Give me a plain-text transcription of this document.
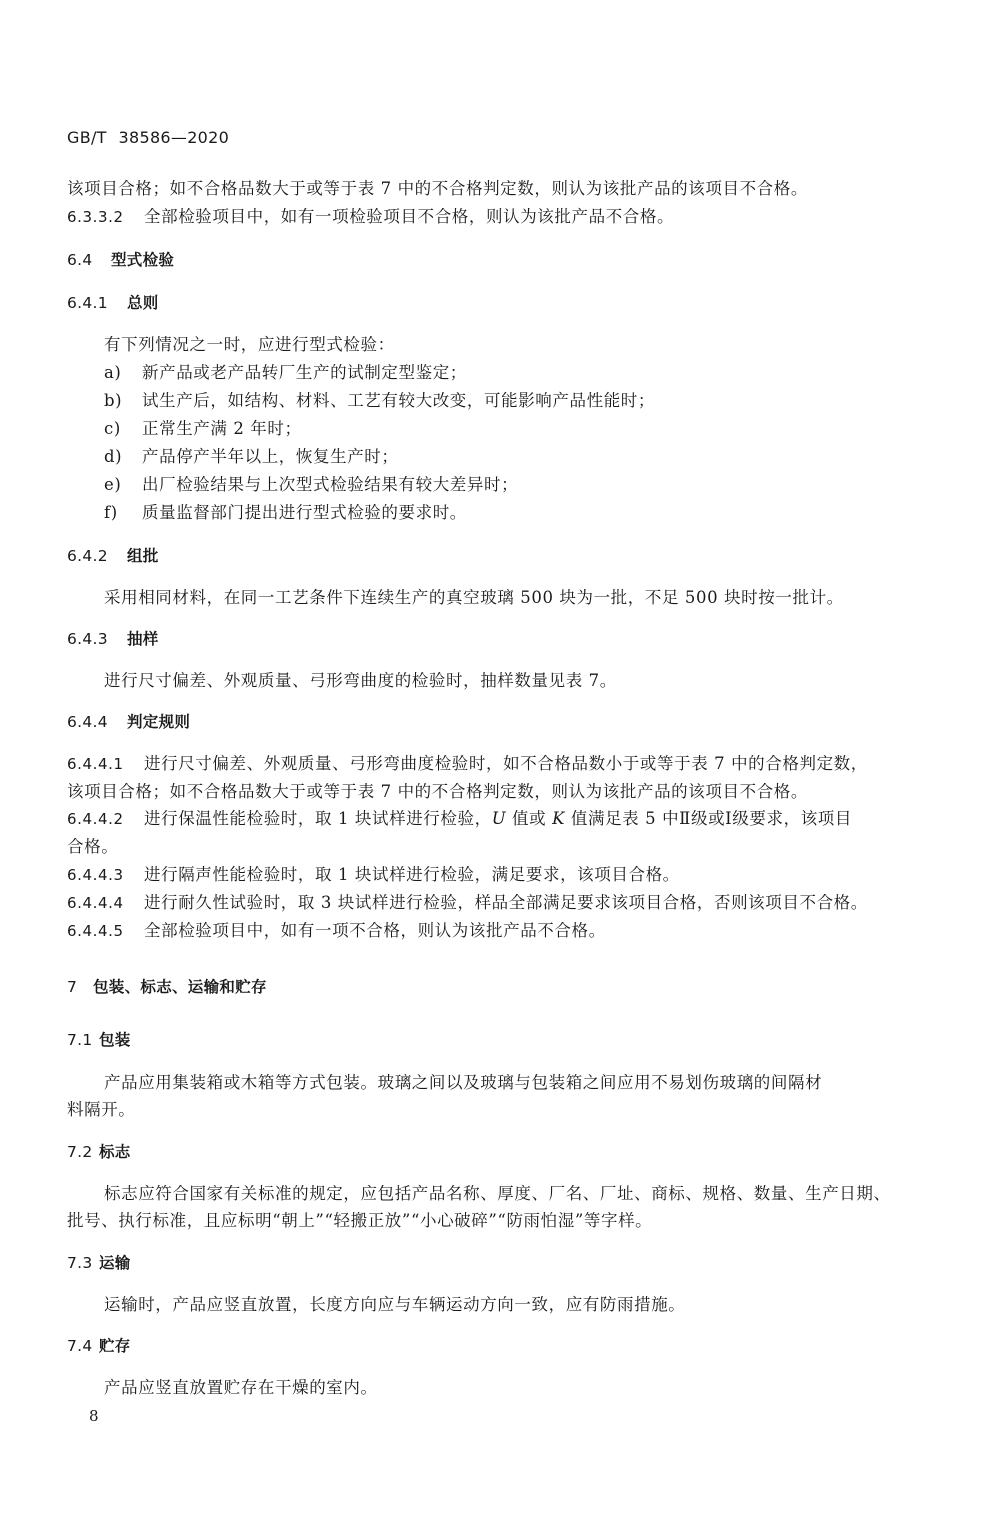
GB/T 38586—2020
该项目合格；如不合格品数大于或等于表 7 中的不合格判定数，则认为该批产品的该项目不合格。
6.3.3.2 全部检验项目中，如有一项检验项目不合格，则认为该批产品不合格。
6.4 型式检验
6.4.1 总则
有下列情况之一时，应进行型式检验：
a) 新产品或老产品转厂生产的试制定型鉴定；
b) 试生产后，如结构、材料、工艺有较大改变，可能影响产品性能时；
c) 正常生产满 2 年时；
d) 产品停产半年以上，恢复生产时；
e) 出厂检验结果与上次型式检验结果有较大差异时；
f) 质量监督部门提出进行型式检验的要求时。
6.4.2 组批
采用相同材料，在同一工艺条件下连续生产的真空玻璃 500 块为一批，不足 500 块时按一批计。
6.4.3 抽样
进行尺寸偏差、外观质量、弓形弯曲度的检验时，抽样数量见表 7。
6.4.4 判定规则
6.4.4.1 进行尺寸偏差、外观质量、弓形弯曲度检验时，如不合格品数小于或等于表 7 中的合格判定数，
该项目合格；如不合格品数大于或等于表 7 中的不合格判定数，则认为该批产品的该项目不合格。
6.4.4.2 进行保温性能检验时，取 1 块试样进行检验，U 值或 K 值满足表 5 中Ⅱ级或Ⅰ级要求，该项目
合格。
6.4.4.3 进行隔声性能检验时，取 1 块试样进行检验，满足要求，该项目合格。
6.4.4.4 进行耐久性试验时，取 3 块试样进行检验，样品全部满足要求该项目合格，否则该项目不合格。
6.4.4.5 全部检验项目中，如有一项不合格，则认为该批产品不合格。
7 包装、标志、运输和贮存
7.1 包装
产品应用集装箱或木箱等方式包装。玻璃之间以及玻璃与包装箱之间应用不易划伤玻璃的间隔材
料隔开。
7.2 标志
标志应符合国家有关标准的规定，应包括产品名称、厚度、厂名、厂址、商标、规格、数量、生产日期、
批号、执行标准，且应标明“朝上”“轻搬正放”“小心破碎”“防雨怕湿”等字样。
7.3 运输
运输时，产品应竖直放置，长度方向应与车辆运动方向一致，应有防雨措施。
7.4 贮存
产品应竖直放置贮存在干燥的室内。
8
